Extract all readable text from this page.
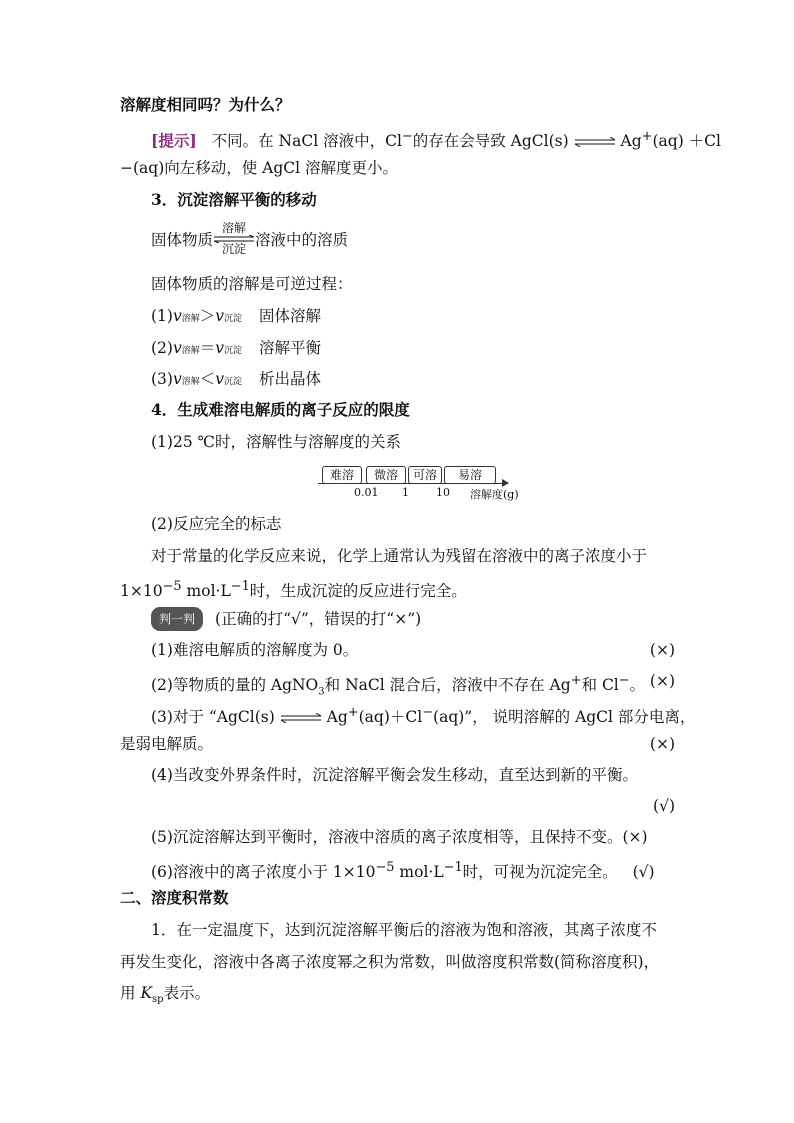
溶解度相同吗？为什么？
[提示] 不同。在 NaCl 溶液中，Cl−的存在会导致 AgCl(s) ⇌ Ag+(aq) ＋Cl
−(aq)向左移动，使 AgCl 溶解度更小。
3．沉淀溶解平衡的移动
固体物质
溶解
沉淀 溶液中的溶质
固体物质的溶解是可逆过程：
(1)v溶解＞v沉淀 固体溶解
(2)v溶解＝v沉淀 溶解平衡
(3)v溶解＜v沉淀 析出晶体
4．生成难溶电解质的离子反应的限度
(1)25 ℃时，溶解性与溶解度的关系
难溶	微溶	可溶	易溶
0.01 1 10 溶解度(g)
(2)反应完全的标志
对于常量的化学反应来说，化学上通常认为残留在溶液中的离子浓度小于
$1\times 10^{-5}$ $mol\cdot L^{-1}$时，生成沉淀的反应进行完全。
判一判 (正确的打“√”，错误的打“×”)
(1)难溶电解质的溶解度为 0。	(×)
(2)等物质的量的 AgNO$_3$和 NaCl 混合后，溶液中不存在 Ag+和 Cl−。 (×)
(3)对于 “AgCl(s) ⇌ Ag+(aq)＋Cl−(aq)”， 说明溶解的 AgCl 部分电离，
是弱电解质。	(×)
(4)当改变外界条件时，沉淀溶解平衡会发生移动，直至达到新的平衡。
(√)
(5)沉淀溶解达到平衡时，溶液中溶质的离子浓度相等，且保持不变。(×)
(6)溶液中的离子浓度小于 $1\times 10^{-5}$ $mol\cdot L^{-1}$时，可视为沉淀完全。 (√)
二、溶度积常数
1．在一定温度下，达到沉淀溶解平衡后的溶液为饱和溶液，其离子浓度不
再发生变化，溶液中各离子浓度幂之积为常数，叫做溶度积常数(简称溶度积)，
用 $K_{sp}$表示。
